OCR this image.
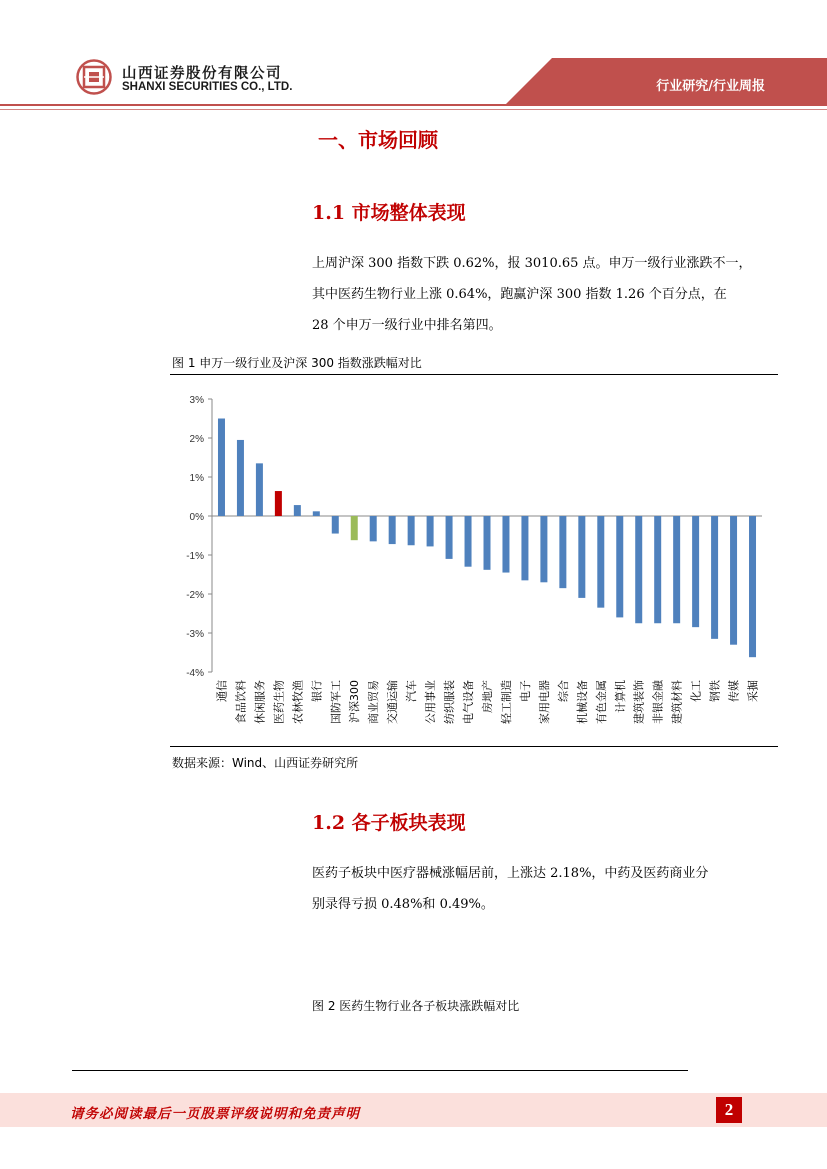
山西证券股份有限公司
SHANXI SECURITIES CO., LTD.	行业研究/行业周报
一、市场回顾
1.1 市场整体表现
上周沪深 300 指数下跌 0.62%，报 3010.65 点。申万一级行业涨跌不一，
其中医药生物行业上涨 0.64%，跑赢沪深 300 指数 1.26 个百分点，在
28 个申万一级行业中排名第四。
图 1 申万一级行业及沪深 300 指数涨跌幅对比
3%
2%
1%
0%
-1%
-2%
-3%
-4%
通信 食品饮料 休闲服务 医药生物 农林牧渔 银行 国防军工 沪深300 商业贸易 交通运输 汽车 公用事业 纺织服装 电气设备 房地产 轻工制造 电子 家用电器 综合 机械设备 有色金属 计算机 建筑装饰 非银金融 建筑材料 化工 钢铁 传媒 采掘
数据来源：Wind、山西证券研究所
1.2 各子板块表现
医药子板块中医疗器械涨幅居前，上涨达 2.18%，中药及医药商业分
别录得亏损 0.48%和 0.49%。
图 2 医药生物行业各子板块涨跌幅对比
请务必阅读最后一页股票评级说明和免责声明	2
